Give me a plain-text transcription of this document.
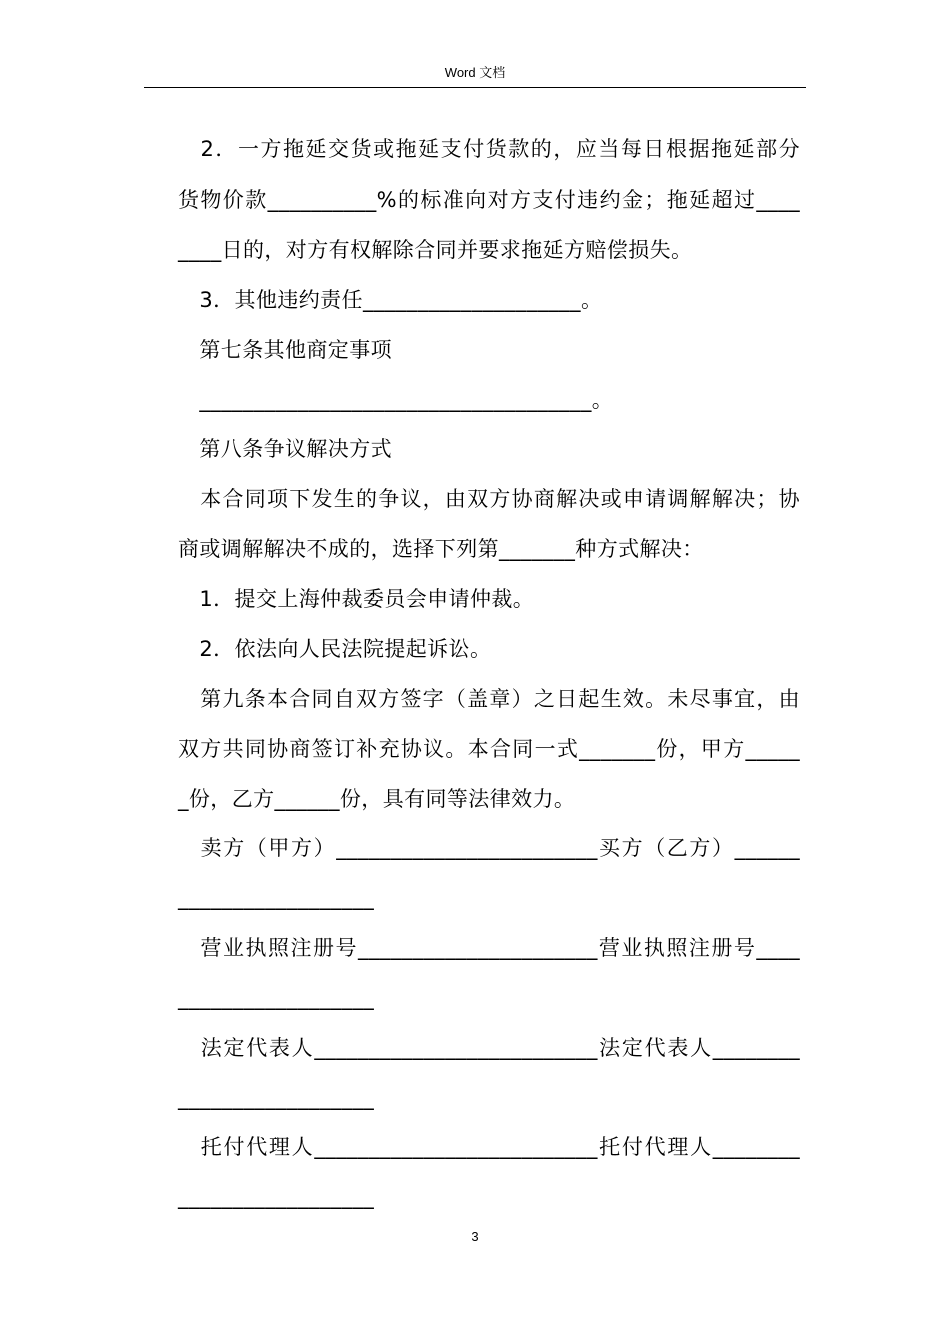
Word 文档
　2．一方拖延交货或拖延支付货款的，应当每日根据拖延部分
货物价款__________%的标准向对方支付违约金；拖延超过____
____日的，对方有权解除合同并要求拖延方赔偿损失。
　3．其他违约责任____________________。
　第七条其他商定事项
　____________________________________。
　第八条争议解决方式
　本合同项下发生的争议，由双方协商解决或申请调解解决；协
商或调解解决不成的，选择下列第_______种方式解决：
　1．提交上海仲裁委员会申请仲裁。
　2．依法向人民法院提起诉讼。
　第九条本合同自双方签字（盖章）之日起生效。未尽事宜，由
双方共同协商签订补充协议。本合同一式_______份，甲方_____
_份，乙方______份，具有同等法律效力。
　卖方（甲方）________________________买方（乙方）______
__________________
　营业执照注册号______________________营业执照注册号____
__________________
　法定代表人__________________________法定代表人________
__________________
　托付代理人__________________________托付代理人________
__________________
3
